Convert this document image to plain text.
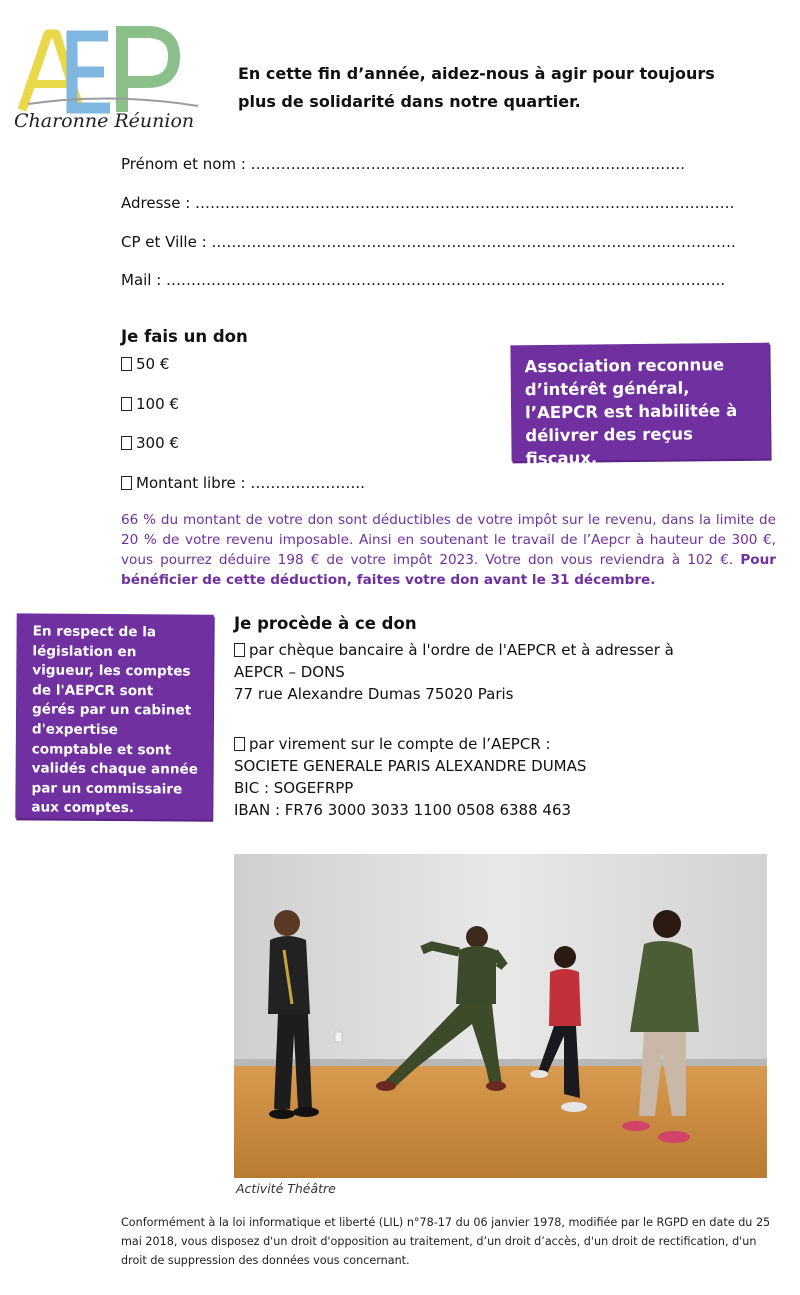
Charonne Réunion
En cette fin d’année, aidez-nous à agir pour toujours plus de solidarité dans notre quartier.
Prénom et nom : …………………………………………………..……………………….
Adresse : ………………………………………………………………………………..…………….
CP et Ville : ………………………………………………………………………………..………….
Mail : ……………………………………………………………………………………..…………..
Je fais un don
50 €
100 €
300 €
Montant libre : …………………..
Association reconnue d’intérêt général, l’AEPCR est habilitée à délivrer des reçus fiscaux.
66 % du montant de votre don sont déductibles de votre impôt sur le revenu, dans la limite de 20 % de votre revenu imposable. Ainsi en soutenant le travail de l’Aepcr à hauteur de 300 €, vous pourrez déduire 198 € de votre impôt 2023. Votre don vous reviendra à 102 €. Pour bénéficier de cette déduction, faites votre don avant le 31 décembre.
En respect de la législation en vigueur, les comptes de l'AEPCR sont gérés par un cabinet d'expertise comptable et sont validés chaque année par un commissaire aux comptes.
Je procède à ce don
par chèque bancaire à l'ordre de l'AEPCR et à adresser à
AEPCR – DONS
77 rue Alexandre Dumas 75020 Paris
par virement sur le compte de l’AEPCR :
SOCIETE GENERALE PARIS ALEXANDRE DUMAS
BIC : SOGEFRPP
IBAN : FR76 3000 3033 1100 0508 6388 463
Activité Théâtre
Conformément à la loi informatique et liberté (LIL) n°78-17 du 06 janvier 1978, modifiée par le RGPD en date du 25 mai 2018, vous disposez d'un droit d'opposition au traitement, d’un droit d’accès, d'un droit de rectification, d'un droit de suppression des données vous concernant.
